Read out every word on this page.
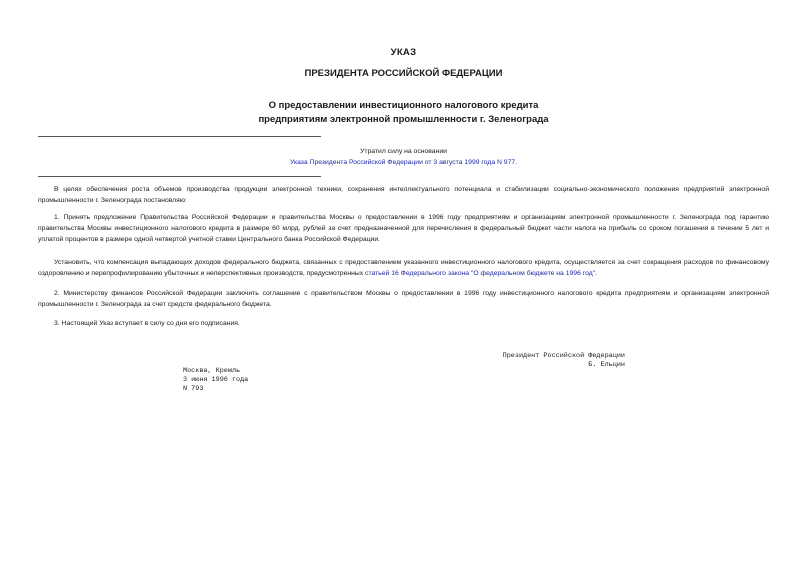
УКАЗ
ПРЕЗИДЕНТА РОССИЙСКОЙ ФЕДЕРАЦИИ
О предоставлении инвестиционного налогового кредита
предприятиям электронной промышленности г. Зеленограда
Утратил силу на основании
Указа Президента Российской Федерации от 3 августа 1999 года N 977.
В целях обеспечения роста объемов производства продукции электронной техники, сохранения интеллектуального потенциала и стабилизации социально-экономического положения предприятий электронной промышленности г. Зеленограда постановляю:
1. Принять предложение Правительства Российской Федерации и правительства Москвы о предоставлении в 1996 году предприятиям и организациям электронной промышленности г. Зеленограда под гарантию правительства Москвы инвестиционного налогового кредита в размере 60 млрд. рублей за счет предназначенной для перечисления в федеральный бюджет части налога на прибыль со сроком погашения в течение 5 лет и уплатой процентов в размере одной четвертой учетной ставки Центрального банка Российской Федерации.
Установить, что компенсация выпадающих доходов федерального бюджета, связанных с предоставлением указанного инвестиционного налогового кредита, осуществляется за счет сокращения расходов по финансовому оздоровлению и перепрофилированию убыточных и неперспективных производств, предусмотренных статьей 16 Федерального закона "О федеральном бюджете на 1996 год".
2. Министерству финансов Российской Федерации заключить соглашение с правительством Москвы о предоставлении в 1996 году инвестиционного налогового кредита предприятиям и организациям электронной промышленности г. Зеленограда за счет средств федерального бюджета.
3. Настоящий Указ вступает в силу со дня его подписания.
Президент Российской Федерации
Б. Ельцин
Москва, Кремль
3 июня 1996 года
N 793
